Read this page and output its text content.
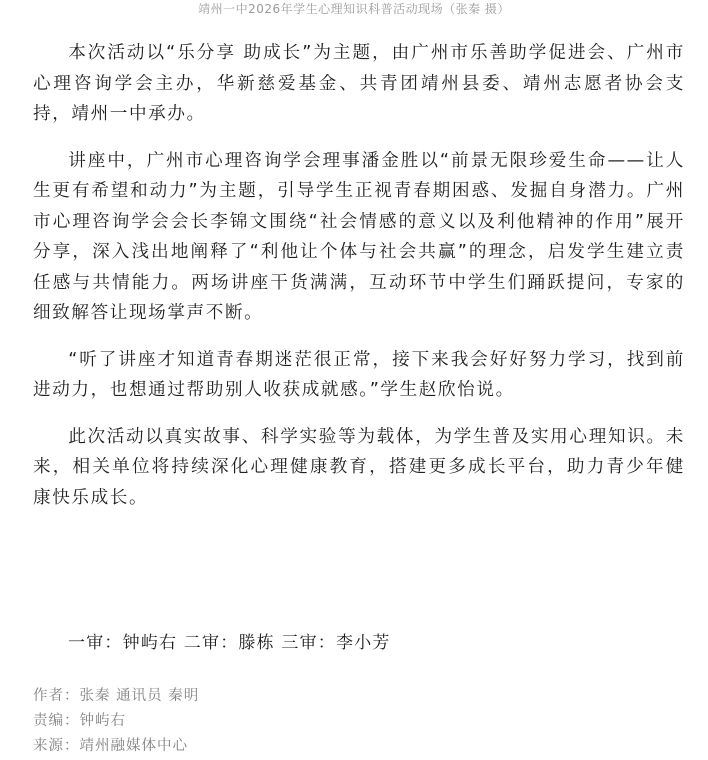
靖州一中2026年学生心理知识科普活动现场（张秦 摄）

本次活动以“乐分享 助成长”为主题，由广州市乐善助学促进会、广州市心理咨询学会主办，华新慈爱基金、共青团靖州县委、靖州志愿者协会支持，靖州一中承办。

讲座中，广州市心理咨询学会理事潘金胜以“前景无限珍爱生命——让人生更有希望和动力”为主题，引导学生正视青春期困惑、发掘自身潜力。广州市心理咨询学会会长李锦文围绕“社会情感的意义以及利他精神的作用”展开分享，深入浅出地阐释了“利他让个体与社会共赢”的理念，启发学生建立责任感与共情能力。两场讲座干货满满，互动环节中学生们踊跃提问，专家的细致解答让现场掌声不断。

“听了讲座才知道青春期迷茫很正常，接下来我会好好努力学习，找到前进动力，也想通过帮助别人收获成就感。”学生赵欣怡说。

此次活动以真实故事、科学实验等为载体，为学生普及实用心理知识。未来，相关单位将持续深化心理健康教育，搭建更多成长平台，助力青少年健康快乐成长。

一审：钟屿右 二审：滕栋 三审：李小芳
作者：张秦 通讯员 秦明
责编：钟屿右
来源：靖州融媒体中心
